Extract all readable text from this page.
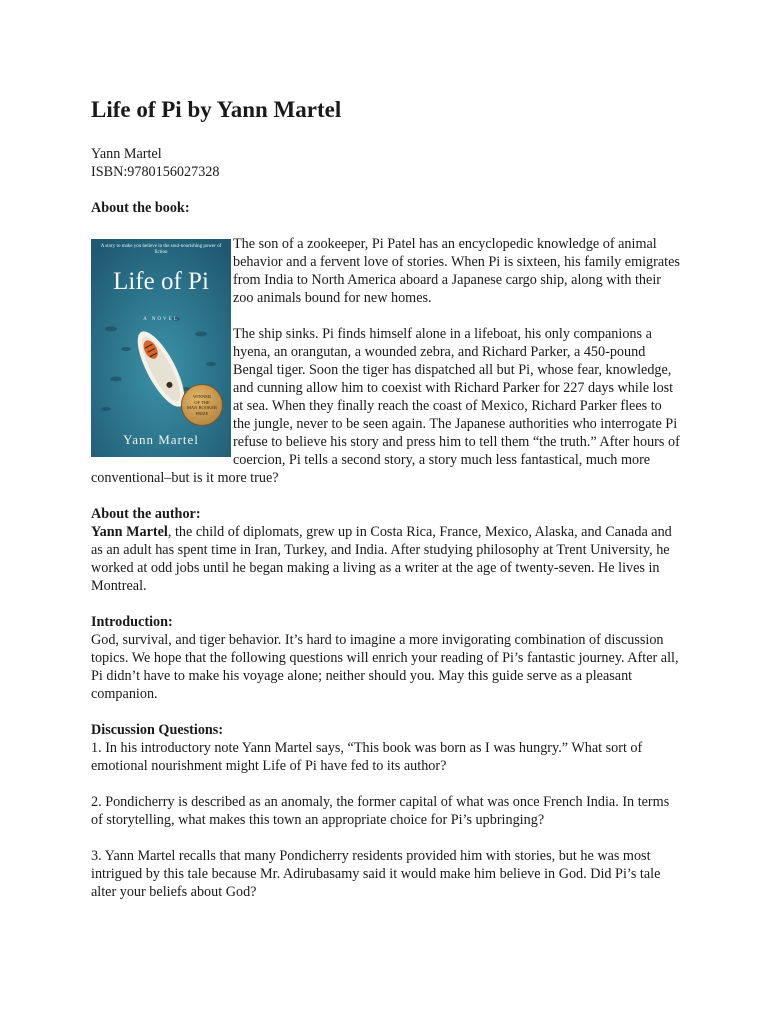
Life of Pi by Yann Martel

Yann Martel

ISBN:9780156027328

About the book:

A story to make you believe in the soul-nourishing power of fiction
Life of Pi
A NOVEL
WINNER
OF THE
MAN BOOKER
PRIZE
Yann Martel

The son of a zookeeper, Pi Patel has an encyclopedic knowledge of animal behavior and a fervent love of stories. When Pi is sixteen, his family emigrates from India to North America aboard a Japanese cargo ship, along with their zoo animals bound for new homes.

The ship sinks. Pi finds himself alone in a lifeboat, his only companions a hyena, an orangutan, a wounded zebra, and Richard Parker, a 450-pound Bengal tiger. Soon the tiger has dispatched all but Pi, whose fear, knowledge, and cunning allow him to coexist with Richard Parker for 227 days while lost at sea. When they finally reach the coast of Mexico, Richard Parker flees to the jungle, never to be seen again. The Japanese authorities who interrogate Pi refuse to believe his story and press him to tell them “the truth.” After hours of coercion, Pi tells a second story, a story much less fantastical, much more conventional–but is it more true?

About the author:

Yann Martel, the child of diplomats, grew up in Costa Rica, France, Mexico, Alaska, and Canada and as an adult has spent time in Iran, Turkey, and India. After studying philosophy at Trent University, he worked at odd jobs until he began making a living as a writer at the age of twenty-seven. He lives in Montreal.

Introduction:

God, survival, and tiger behavior. It’s hard to imagine a more invigorating combination of discussion topics. We hope that the following questions will enrich your reading of Pi’s fantastic journey. After all, Pi didn’t have to make his voyage alone; neither should you. May this guide serve as a pleasant companion.

Discussion Questions:

1. In his introductory note Yann Martel says, “This book was born as I was hungry.” What sort of emotional nourishment might Life of Pi have fed to its author?

2. Pondicherry is described as an anomaly, the former capital of what was once French India. In terms of storytelling, what makes this town an appropriate choice for Pi’s upbringing?

3. Yann Martel recalls that many Pondicherry residents provided him with stories, but he was most intrigued by this tale because Mr. Adirubasamy said it would make him believe in God. Did Pi’s tale alter your beliefs about God?
